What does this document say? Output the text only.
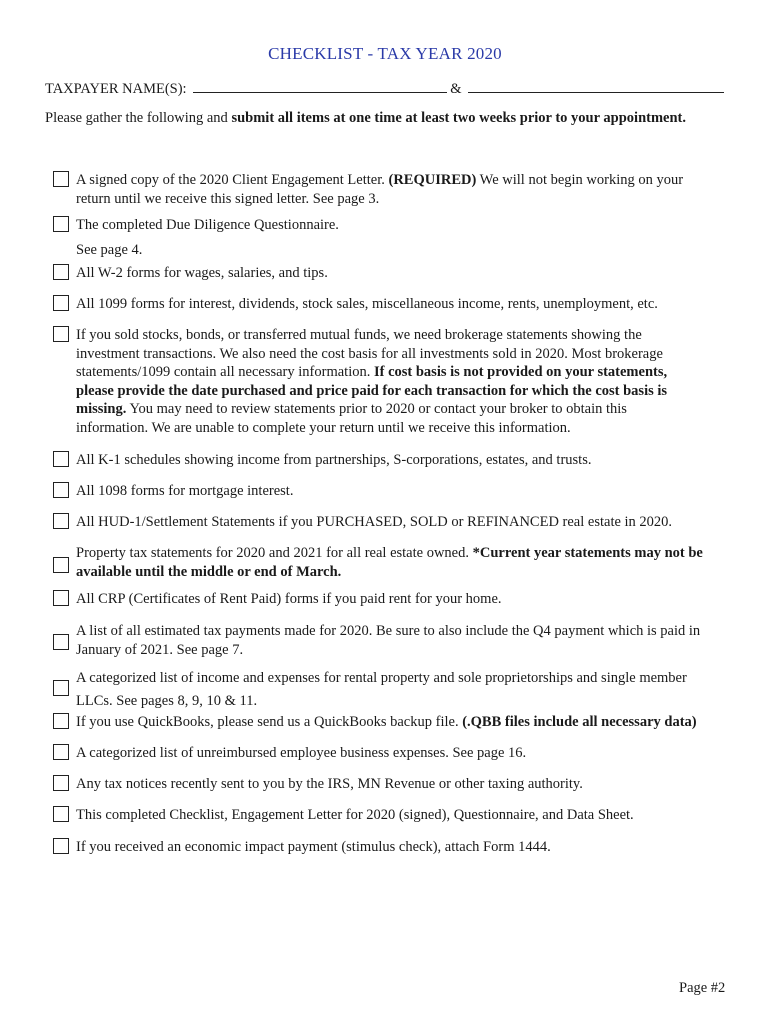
CHECKLIST - TAX YEAR 2020
TAXPAYER NAME(S):	&
Please gather the following and submit all items at one time at least two weeks prior to your appointment.
A signed copy of the 2020 Client Engagement Letter. (REQUIRED) We will not begin working on your return until we receive this signed letter. See page 3.
The completed Due Diligence Questionnaire.
See page 4.
All W-2 forms for wages, salaries, and tips.
All 1099 forms for interest, dividends, stock sales, miscellaneous income, rents, unemployment, etc.
If you sold stocks, bonds, or transferred mutual funds, we need brokerage statements showing the investment transactions. We also need the cost basis for all investments sold in 2020. Most brokerage statements/1099 contain all necessary information. If cost basis is not provided on your statements, please provide the date purchased and price paid for each transaction for which the cost basis is missing. You may need to review statements prior to 2020 or contact your broker to obtain this information. We are unable to complete your return until we receive this information.
All K-1 schedules showing income from partnerships, S-corporations, estates, and trusts.
All 1098 forms for mortgage interest.
All HUD-1/Settlement Statements if you PURCHASED, SOLD or REFINANCED real estate in 2020.
Property tax statements for 2020 and 2021 for all real estate owned. *Current year statements may not be available until the middle or end of March.
All CRP (Certificates of Rent Paid) forms if you paid rent for your home.
A list of all estimated tax payments made for 2020. Be sure to also include the Q4 payment which is paid in January of 2021. See page 7.
A categorized list of income and expenses for rental property and sole proprietorships and single member LLCs. See pages 8, 9, 10 & 11.
If you use QuickBooks, please send us a QuickBooks backup file. (.QBB files include all necessary data)
A categorized list of unreimbursed employee business expenses. See page 16.
Any tax notices recently sent to you by the IRS, MN Revenue or other taxing authority.
This completed Checklist, Engagement Letter for 2020 (signed), Questionnaire, and Data Sheet.
If you received an economic impact payment (stimulus check), attach Form 1444.
Page #2
